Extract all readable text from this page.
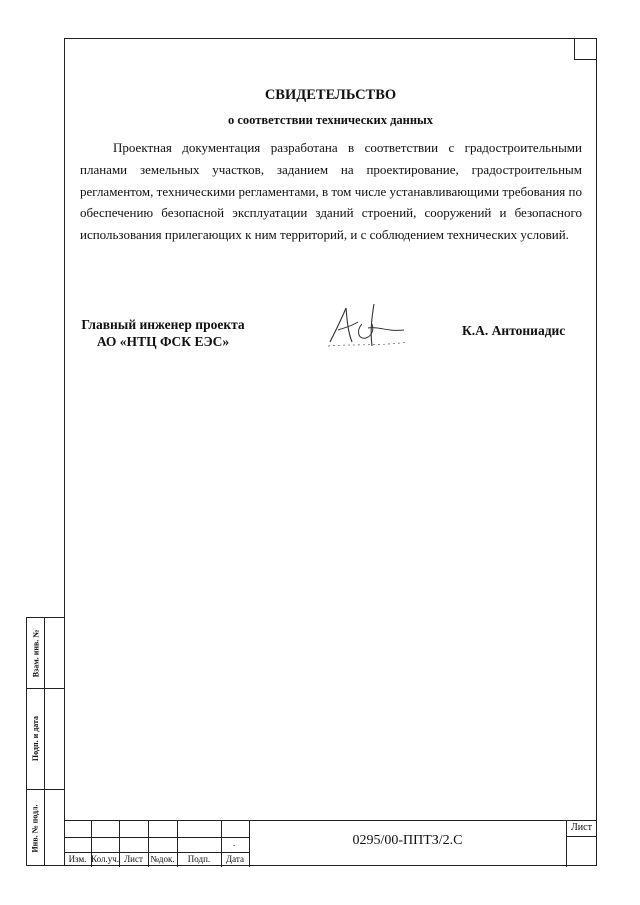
СВИДЕТЕЛЬСТВО
о соответствии технических данных

Проектная документация разработана в соответствии с градостроительными планами земельных участков, заданием на проектирование, градостроительным регламентом, техническими регламентами, в том числе устанавливающими требования по обеспечению безопасной эксплуатации зданий строений, сооружений и безопасного использования прилегающих к ним территорий, и с соблюдением технических условий.

Главный инженер проекта
АО «НТЦ ФСК ЕЭС»
К.А. Антониадис
Взам. инв. №
Подп. и дата
Инв. № подл.
Изм. Кол.уч. Лист №док.	Подп.	Дата
.	0295/00-ППТЗ/2.С
Лист
